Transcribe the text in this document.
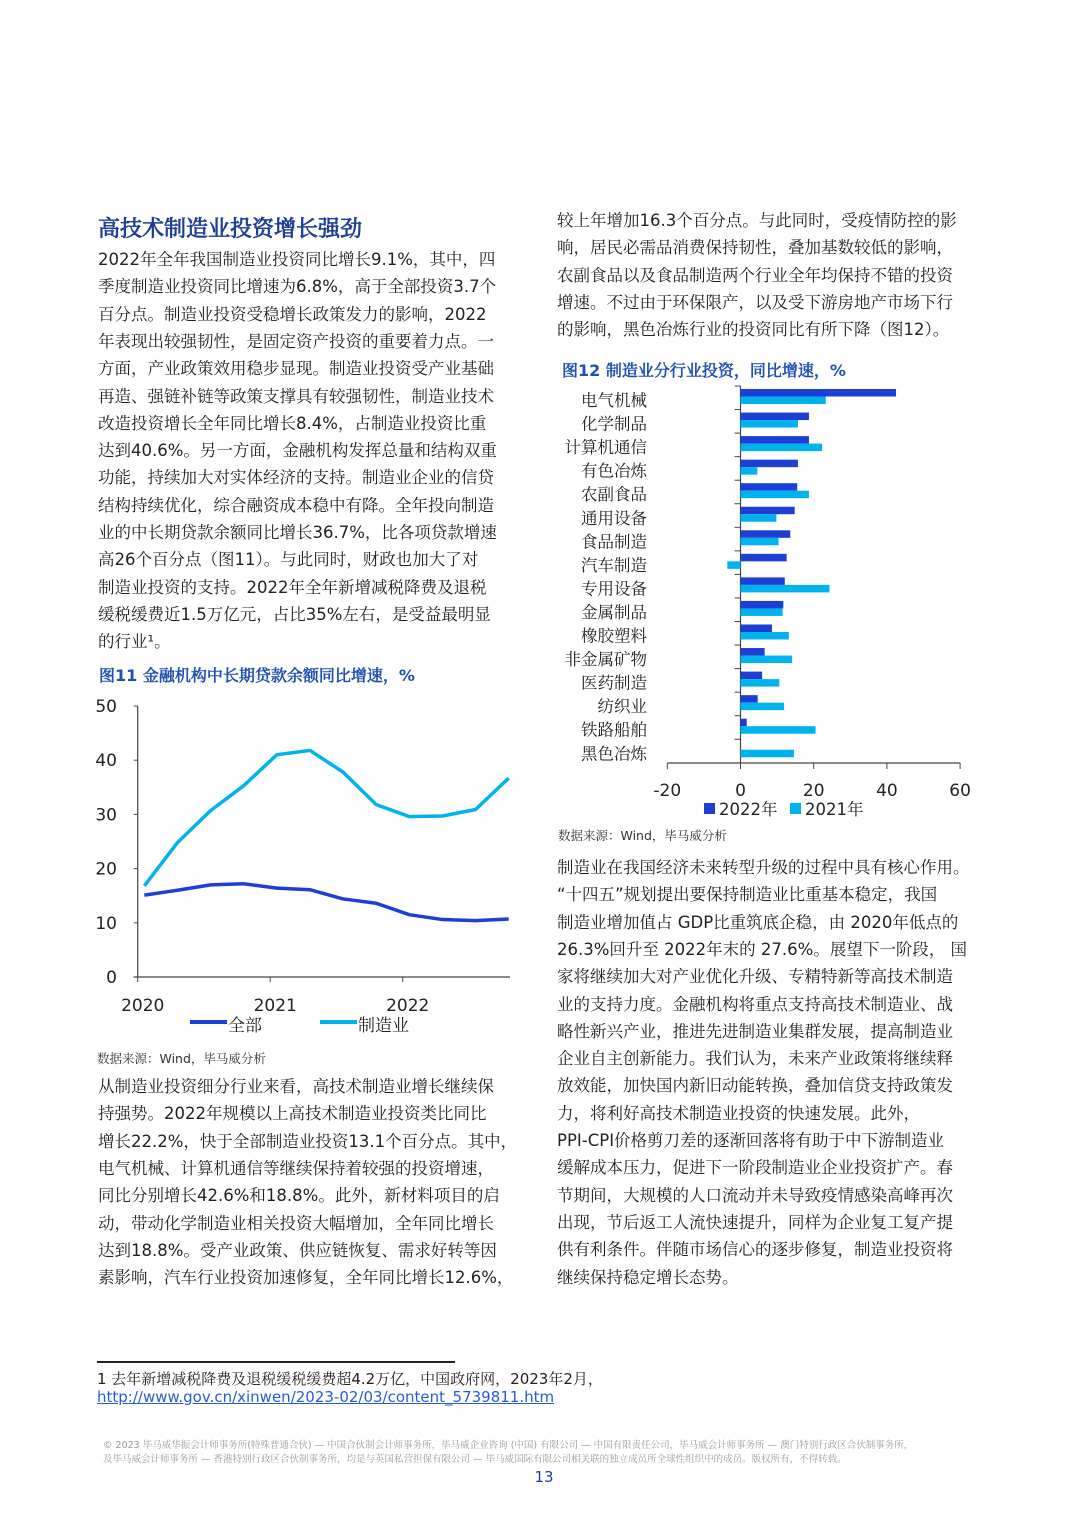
高技术制造业投资增长强劲
2022年全年我国制造业投资同比增长9.1%，其中，四
季度制造业投资同比增速为6.8%，高于全部投资3.7个
百分点。制造业投资受稳增长政策发力的影响，2022
年表现出较强韧性，是固定资产投资的重要着力点。一
方面，产业政策效用稳步显现。制造业投资受产业基础
再造、强链补链等政策支撑具有较强韧性，制造业技术
改造投资增长全年同比增长8.4%，占制造业投资比重
达到40.6%。另一方面，金融机构发挥总量和结构双重
功能，持续加大对实体经济的支持。制造业企业的信贷
结构持续优化，综合融资成本稳中有降。全年投向制造
业的中长期贷款余额同比增长36.7%，比各项贷款增速
高26个百分点（图11）。与此同时，财政也加大了对
制造业投资的支持。2022年全年新增减税降费及退税
缓税缓费近1.5万亿元，占比35%左右，是受益最明显
的行业¹。
从制造业投资细分行业来看，高技术制造业增长继续保
持强势。2022年规模以上高技术制造业投资类比同比
增长22.2%，快于全部制造业投资13.1个百分点。其中，
电气机械、计算机通信等继续保持着较强的投资增速，
同比分别增长42.6%和18.8%。此外，新材料项目的启
动，带动化学制造业相关投资大幅增加，全年同比增长
达到18.8%。受产业政策、供应链恢复、需求好转等因
素影响，汽车行业投资加速修复，全年同比增长12.6%，
较上年增加16.3个百分点。与此同时，受疫情防控的影
响，居民必需品消费保持韧性，叠加基数较低的影响，
农副食品以及食品制造两个行业全年均保持不错的投资
增速。不过由于环保限产，以及受下游房地产市场下行
的影响，黑色冶炼行业的投资同比有所下降（图12）。
制造业在我国经济未来转型升级的过程中具有核心作用。
“十四五”规划提出要保持制造业比重基本稳定，我国
制造业增加值占 GDP比重筑底企稳，由 2020年低点的
26.3%回升至 2022年末的 27.6%。展望下一阶段， 国
家将继续加大对产业优化升级、专精特新等高技术制造
业的支持力度。金融机构将重点支持高技术制造业、战
略性新兴产业，推进先进制造业集群发展，提高制造业
企业自主创新能力。我们认为，未来产业政策将继续释
放效能，加快国内新旧动能转换，叠加信贷支持政策发
力，将利好高技术制造业投资的快速发展。此外，
PPI-CPI价格剪刀差的逐渐回落将有助于中下游制造业
缓解成本压力，促进下一阶段制造业企业投资扩产。春
节期间，大规模的人口流动并未导致疫情感染高峰再次
出现，节后返工人流快速提升，同样为企业复工复产提
供有利条件。伴随市场信心的逐步修复，制造业投资将
继续保持稳定增长态势。
图11 金融机构中长期贷款余额同比增速，%
0
10
20
30
40
50
2020	2021	2022
全部	制造业
-20	0	20	40	60
电气机械
化学制品
计算机通信
有色冶炼
农副食品
通用设备
食品制造
汽车制造
专用设备
金属制品
橡胶塑料
非金属矿物
医药制造
纺织业
铁路船舶
黑色冶炼
2022年 2021年
数据来源：Wind，毕马威分析
图12 制造业分行业投资，同比增速，%
数据来源：Wind，毕马威分析
1 去年新增减税降费及退税缓税缓费超4.2万亿，中国政府网，2023年2月，
http://www.gov.cn/xinwen/2023-02/03/content_5739811.htm
© 2023 毕马威华振会计师事务所(特殊普通合伙) — 中国合伙制会计师事务所，毕马威企业咨询 (中国) 有限公司 — 中国有限责任公司，毕马威会计师事务所 — 澳门特别行政区合伙制事务所，
及毕马威会计师事务所 — 香港特别行政区合伙制事务所，均是与英国私营担保有限公司 — 毕马威国际有限公司相关联的独立成员所全球性组织中的成员。版权所有，不得转载。
13
